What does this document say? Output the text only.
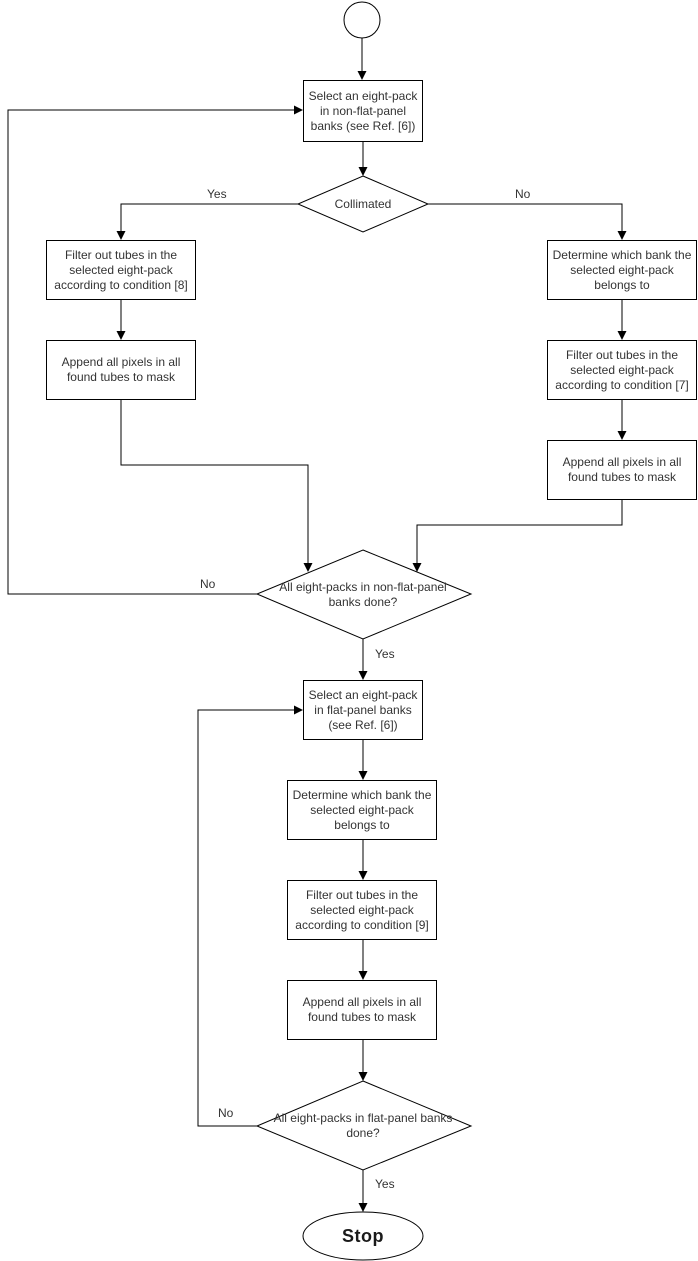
Select an eight-pack in non-flat-panel banks (see Ref. [6])
Filter out tubes in the selected eight-pack according to condition [8]
Append all pixels in all found tubes to mask
Determine which bank the selected eight-pack belongs to
Filter out tubes in the selected eight-pack according to condition [7]
Append all pixels in all found tubes to mask
Select an eight-pack in flat-panel banks (see Ref. [6])
Determine which bank the selected eight-pack belongs to
Filter out tubes in the selected eight-pack according to condition [9]
Append all pixels in all found tubes to mask
Collimated
All eight-packs in non-flat-panel banks done?
All eight-packs in flat-panel banks done?
Stop
Yes	No
No
Yes
No
Yes
